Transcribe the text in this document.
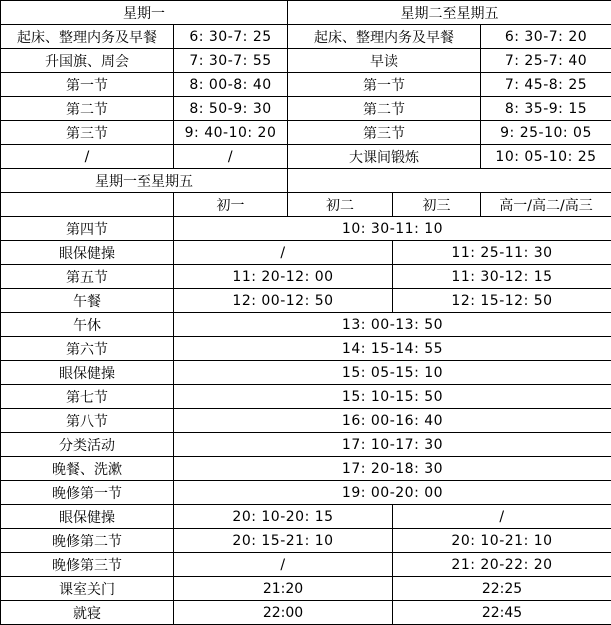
星期一		星期二至星期五		
起床、整理内务及早餐	6: 30-7: 25	起床、整理内务及早餐		6: 30-7: 20
升国旗、周会	7: 30-7: 55	早读		7: 25-7: 40
第一节	8: 00-8: 40	第一节		7: 45-8: 25
第二节	8: 50-9: 30	第二节		8: 35-9: 15
第三节	9: 40-10: 20	第三节		9: 25-10: 05
/	/	大课间锻炼		10: 05-10: 25
星期一至星期五				
	初一	初二	初三	高一/高二/高三
第四节	10: 30-11: 10			
眼保健操	/		11: 25-11: 30	
第五节	11: 20-12: 00		11: 30-12: 15	
午餐	12: 00-12: 50		12: 15-12: 50	
午休	13: 00-13: 50			
第六节	14: 15-14: 55			
眼保健操	15: 05-15: 10			
第七节	15: 10-15: 50			
第八节	16: 00-16: 40			
分类活动	17: 10-17: 30			
晚餐、洗漱	17: 20-18: 30			
晚修第一节	19: 00-20: 00			
眼保健操	20: 10-20: 15		/	
晚修第二节	20: 15-21: 10		20: 10-21: 10	
晚修第三节	/		21: 20-22: 20	
课室关门	21:20		22:25	
就寝	22:00		22:45	
